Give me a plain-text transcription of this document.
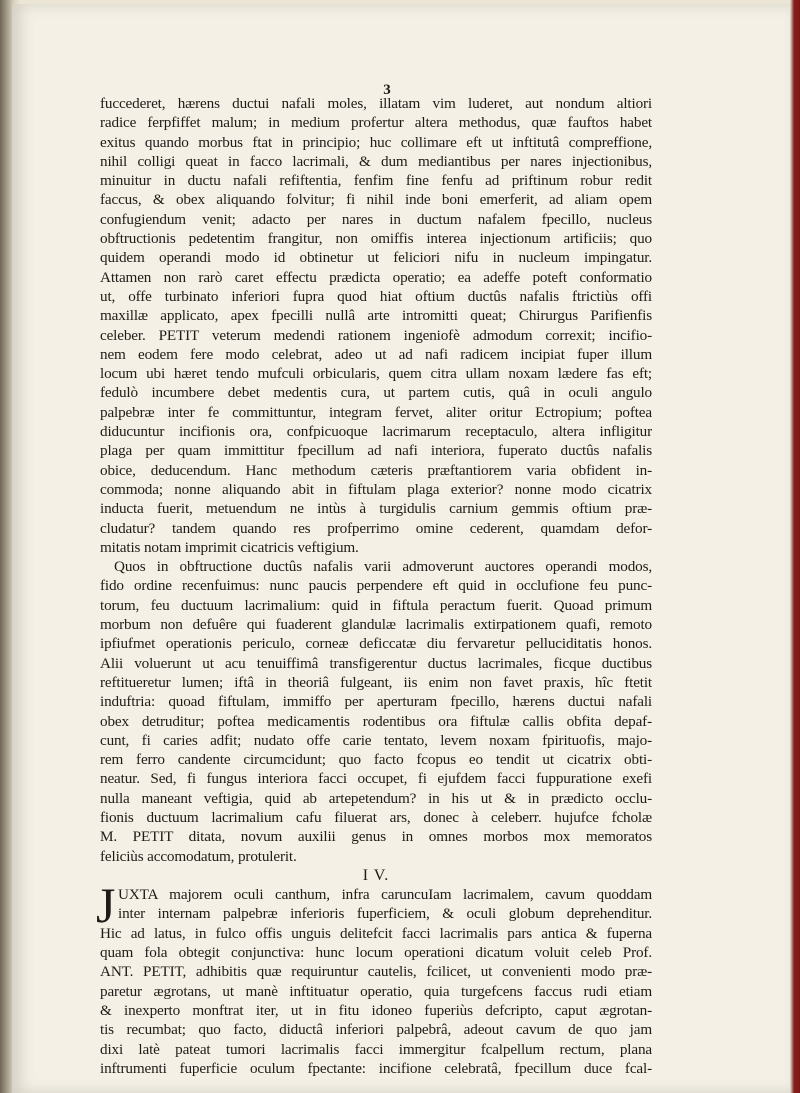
3
fuccederet, hærens ductui nafali moles, illatam vim luderet, aut nondum altiori
radice ferpfiffet malum; in medium profertur altera methodus, quæ fauftos habet
exitus quando morbus ftat in principio; huc collimare eft ut inftitutâ compreffione,
nihil colligi queat in facco lacrimali, & dum mediantibus per nares injectionibus,
minuitur in ductu nafali refiftentia, fenfim fine fenfu ad priftinum robur redit
faccus, & obex aliquando folvitur; fi nihil inde boni emerferit, ad aliam opem
confugiendum venit; adacto per nares in ductum nafalem fpecillo, nucleus
obftructionis pedetentim frangitur, non omiffis interea injectionum artificiis; quo
quidem operandi modo id obtinetur ut feliciori nifu in nucleum impingatur.
Attamen non rarò caret effectu prædicta operatio; ea adeffe poteft conformatio
ut, offe turbinato inferiori fupra quod hiat oftium ductûs nafalis ftrictiùs offi
maxillæ applicato, apex fpecilli nullâ arte intromitti queat; Chirurgus Parifienfis
celeber. PETIT veterum medendi rationem ingeniofè admodum correxit; incifio-
nem eodem fere modo celebrat, adeo ut ad nafi radicem incipiat fuper illum
locum ubi hæret tendo mufculi orbicularis, quem citra ullam noxam lædere fas eft;
fedulò incumbere debet medentis cura, ut partem cutis, quâ in oculi angulo
palpebræ inter fe committuntur, integram fervet, aliter oritur Ectropium; poftea
diducuntur incifionis ora, confpicuoque lacrimarum receptaculo, altera infligitur
plaga per quam immittitur fpecillum ad nafi interiora, fuperato ductûs nafalis
obice, deducendum. Hanc methodum cæteris præftantiorem varia obfident in-
commoda; nonne aliquando abit in fiftulam plaga exterior? nonne modo cicatrix
inducta fuerit, metuendum ne intùs à turgidulis carnium gemmis oftium præ-
cludatur? tandem quando res profperrimo omine cederent, quamdam defor-
mitatis notam imprimit cicatricis veftigium.
Quos in obftructione ductûs nafalis varii admoverunt auctores operandi modos,
fido ordine recenfuimus: nunc paucis perpendere eft quid in occlufione feu punc-
torum, feu ductuum lacrimalium: quid in fiftula peractum fuerit. Quoad primum
morbum non defuêre qui fuaderent glandulæ lacrimalis extirpationem quafi, remoto
ipfiufmet operationis periculo, corneæ deficcatæ diu fervaretur pelluciditatis honos.
Alii voluerunt ut acu tenuiffimâ transfigerentur ductus lacrimales, ficque ductibus
reftitueretur lumen; iftâ in theoriâ fulgeant, iis enim non favet praxis, hîc ftetit
induftria: quoad fiftulam, immiffo per aperturam fpecillo, hærens ductui nafali
obex detruditur; poftea medicamentis rodentibus ora fiftulæ callis obfita depaf-
cunt, fi caries adfit; nudato offe carie tentato, levem noxam fpirituofis, majo-
rem ferro candente circumcidunt; quo facto fcopus eo tendit ut cicatrix obti-
neatur. Sed, fi fungus interiora facci occupet, fi ejufdem facci fuppuratione exefi
nulla maneant veftigia, quid ab artepetendum? in his ut & in prædicto occlu-
fionis ductuum lacrimalium cafu filuerat ars, donec à celeberr. hujufce fcholæ
M. PETIT ditata, novum auxilii genus in omnes morbos mox memoratos
feliciùs accomodatum, protulerit.
I V.
J UXTA majorem oculi canthum, infra caruncuIam lacrimalem, cavum quoddam
inter internam palpebræ inferioris fuperficiem, & oculi globum deprehenditur.
Hic ad latus, in fulco offis unguis delitefcit facci lacrimalis pars antica & fuperna
quam fola obtegit conjunctiva: hunc locum operationi dicatum voluit celeb Prof.
ANT. PETIT, adhibitis quæ requiruntur cautelis, fcilicet, ut convenienti modo præ-
paretur ægrotans, ut manè inftituatur operatio, quia turgefcens faccus rudi etiam
& inexperto monftrat iter, ut in fitu idoneo fuperiùs defcripto, caput ægrotan-
tis recumbat; quo facto, diductâ inferiori palpebrâ, adeout cavum de quo jam
dixi latè pateat tumori lacrimalis facci immergitur fcalpellum rectum, plana
inftrumenti fuperficie oculum fpectante: incifione celebratâ, fpecillum duce fcal-
